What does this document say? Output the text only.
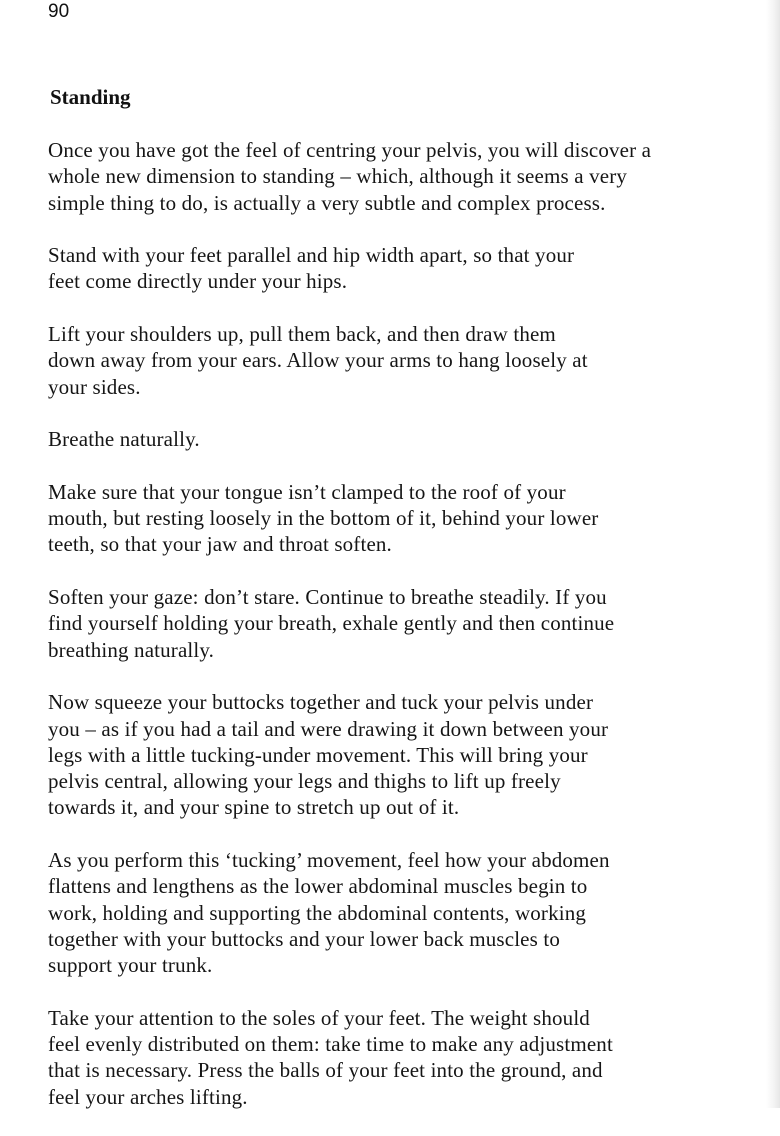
90
Standing

Once you have got the feel of centring your pelvis, you will discover a
whole new dimension to standing – which, although it seems a very
simple thing to do, is actually a very subtle and complex process.

Stand with your feet parallel and hip width apart, so that your
feet come directly under your hips.

Lift your shoulders up, pull them back, and then draw them
down away from your ears. Allow your arms to hang loosely at
your sides.

Breathe naturally.

Make sure that your tongue isn’t clamped to the roof of your
mouth, but resting loosely in the bottom of it, behind your lower
teeth, so that your jaw and throat soften.

Soften your gaze: don’t stare. Continue to breathe steadily. If you
find yourself holding your breath, exhale gently and then continue
breathing naturally.

Now squeeze your buttocks together and tuck your pelvis under
you – as if you had a tail and were drawing it down between your
legs with a little tucking-under movement. This will bring your
pelvis central, allowing your legs and thighs to lift up freely
towards it, and your spine to stretch up out of it.

As you perform this ‘tucking’ movement, feel how your abdomen
flattens and lengthens as the lower abdominal muscles begin to
work, holding and supporting the abdominal contents, working
together with your buttocks and your lower back muscles to
support your trunk.

Take your attention to the soles of your feet. The weight should
feel evenly distributed on them: take time to make any adjustment
that is necessary. Press the balls of your feet into the ground, and
feel your arches lifting.
